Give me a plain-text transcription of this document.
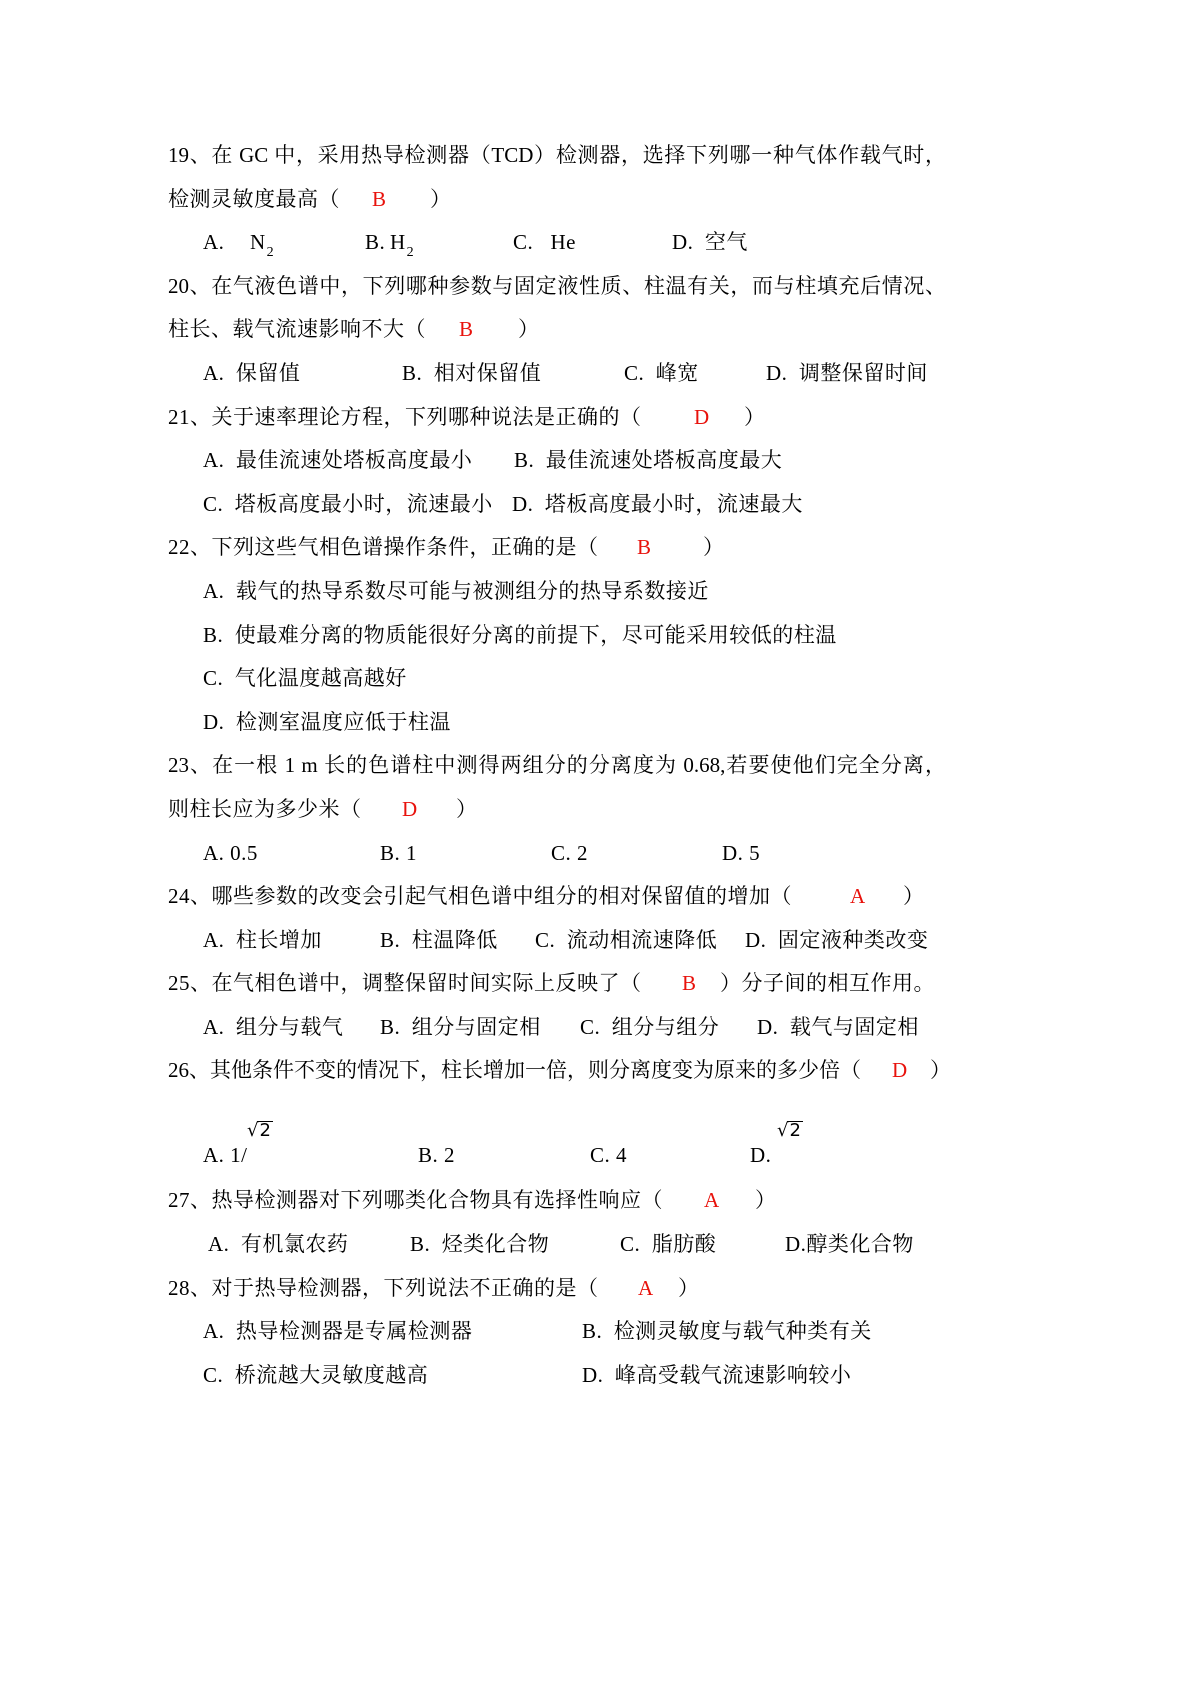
19、在 GC 中，采用热导检测器（TCD）检测器，选择下列哪一种气体作载气时，
检测灵敏度最高（ B ）
A. $N_2$	B. $H_2$	C.   He	D.  空气
20、在气液色谱中，下列哪种参数与固定液性质、柱温有关，而与柱填充后情况、
柱长、载气流速影响不大（ B ）
A.  保留值	B.  相对保留值	C.  峰宽	D.  调整保留时间
21、关于速率理论方程，下列哪种说法是正确的（	D ）
A.  最佳流速处塔板高度最小 B.  最佳流速处塔板高度最大
C.  塔板高度最小时，流速最小 D.  塔板高度最小时，流速最大
22、下列这些气相色谱操作条件，正确的是（ B ）
A.  载气的热导系数尽可能与被测组分的热导系数接近
B.  使最难分离的物质能很好分离的前提下，尽可能采用较低的柱温
C.  气化温度越高越好
D.  检测室温度应低于柱温
23、在一根 1 m 长的色谱柱中测得两组分的分离度为 0.68,若要使他们完全分离，
则柱长应为多少米（ D ）
A. 0.5	B. 1	C. 2	D. 5
24、哪些参数的改变会引起气相色谱中组分的相对保留值的增加（	A ）
A.  柱长增加	B.  柱温降低 C.  流动相流速降低 D.  固定液种类改变
25、在气相色谱中，调整保留时间实际上反映了（ B ）分子间的相互作用。
A.  组分与载气 B.  组分与固定相 C.  组分与组分 D.  载气与固定相
26、其他条件不变的情况下，柱长增加一倍，则分离度变为原来的多少倍（ D ）
A. 1/
√2
B. 2	C. 4	D.
√2
27、热导检测器对下列哪类化合物具有选择性响应（ A ）
A.  有机氯农药	B.  烃类化合物	C.  脂肪酸	D.醇类化合物
28、对于热导检测器，下列说法不正确的是（ A ）
A.  热导检测器是专属检测器	B.  检测灵敏度与载气种类有关
C.  桥流越大灵敏度越高	D.  峰高受载气流速影响较小
